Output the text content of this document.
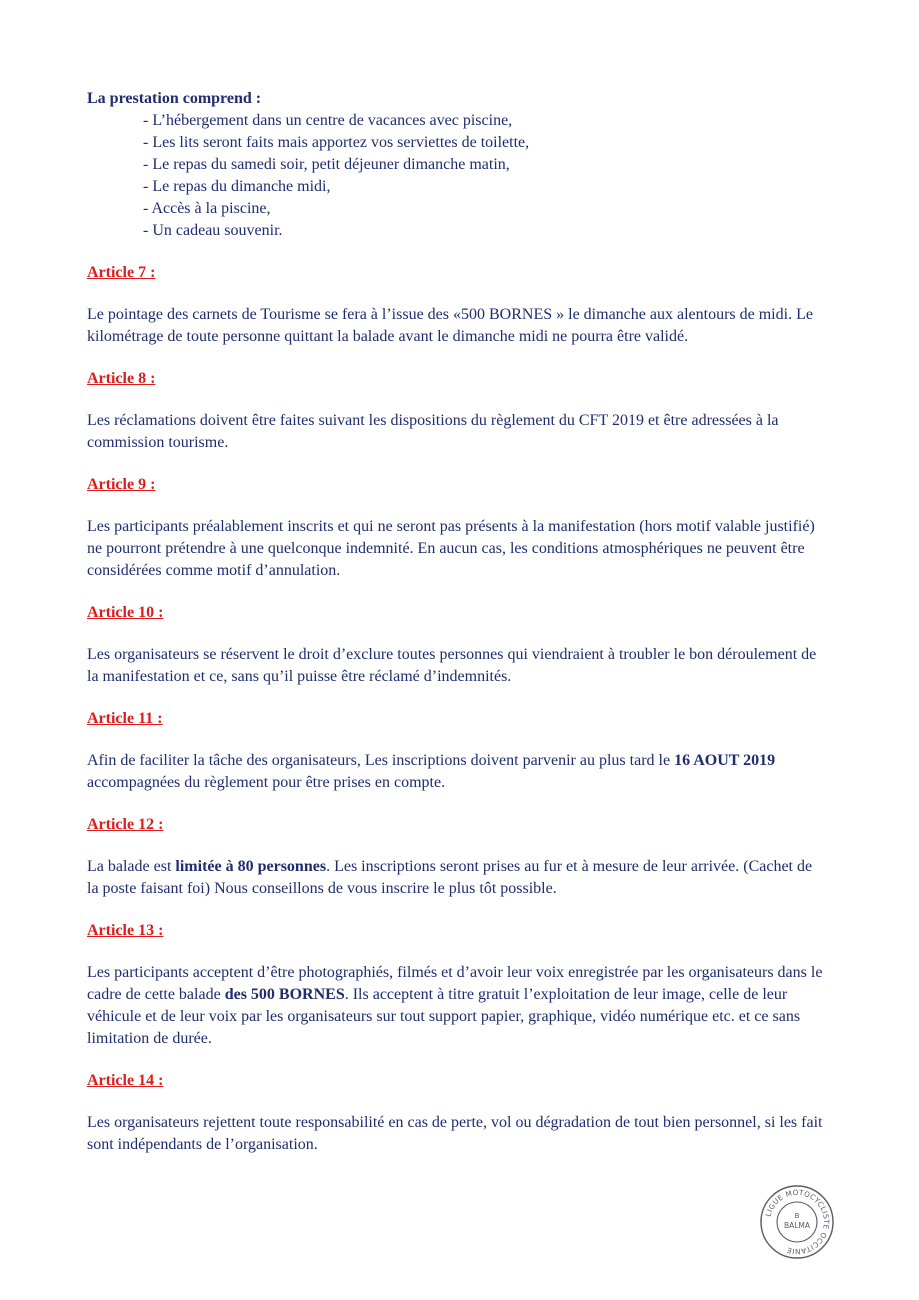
La prestation comprend :

- L’hébergement dans un centre de vacances avec piscine,
- Les lits seront faits mais apportez vos serviettes de toilette,
- Le repas du samedi soir, petit déjeuner dimanche matin,
- Le repas du dimanche midi,
- Accès à la piscine,
- Un cadeau souvenir.

Article 7 :

Le pointage des carnets de Tourisme se fera à l’issue des «500 BORNES » le dimanche aux alentours de midi. Le kilométrage de toute personne quittant la balade avant le dimanche midi ne pourra être validé.

Article 8 :

Les réclamations doivent être faites suivant les dispositions du règlement du CFT 2019 et être adressées à la commission tourisme.

Article 9 :

Les participants préalablement inscrits et qui ne seront pas présents à la manifestation (hors motif valable justifié) ne pourront prétendre à une quelconque indemnité. En aucun cas, les conditions atmosphériques ne peuvent être considérées comme motif d’annulation.

Article 10 :

Les organisateurs se réservent le droit d’exclure toutes personnes qui viendraient à troubler le bon déroulement de la manifestation et ce, sans qu’il puisse être réclamé d’indemnités.

Article 11 :

Afin de faciliter la tâche des organisateurs, Les inscriptions doivent parvenir au plus tard le 16 AOUT 2019 accompagnées du règlement pour être prises en compte.

Article 12 :

La balade est limitée à 80 personnes. Les inscriptions seront prises au fur et à mesure de leur arrivée. (Cachet de la poste faisant foi) Nous conseillons de vous inscrire le plus tôt possible.

Article 13 :

Les participants acceptent d’être photographiés, filmés et d’avoir leur voix enregistrée par les organisateurs dans le cadre de cette balade des 500 BORNES. Ils acceptent à titre gratuit l’exploitation de leur image, celle de leur véhicule et de leur voix par les organisateurs sur tout support papier, graphique, vidéo numérique etc. et ce sans limitation de durée.

Article 14 :

Les organisateurs rejettent toute responsabilité en cas de perte, vol ou dégradation de tout bien personnel, si les fait sont indépendants de l’organisation.

LIGUE MOTOCYCLISTE OCCITANIE
B
BALMA
